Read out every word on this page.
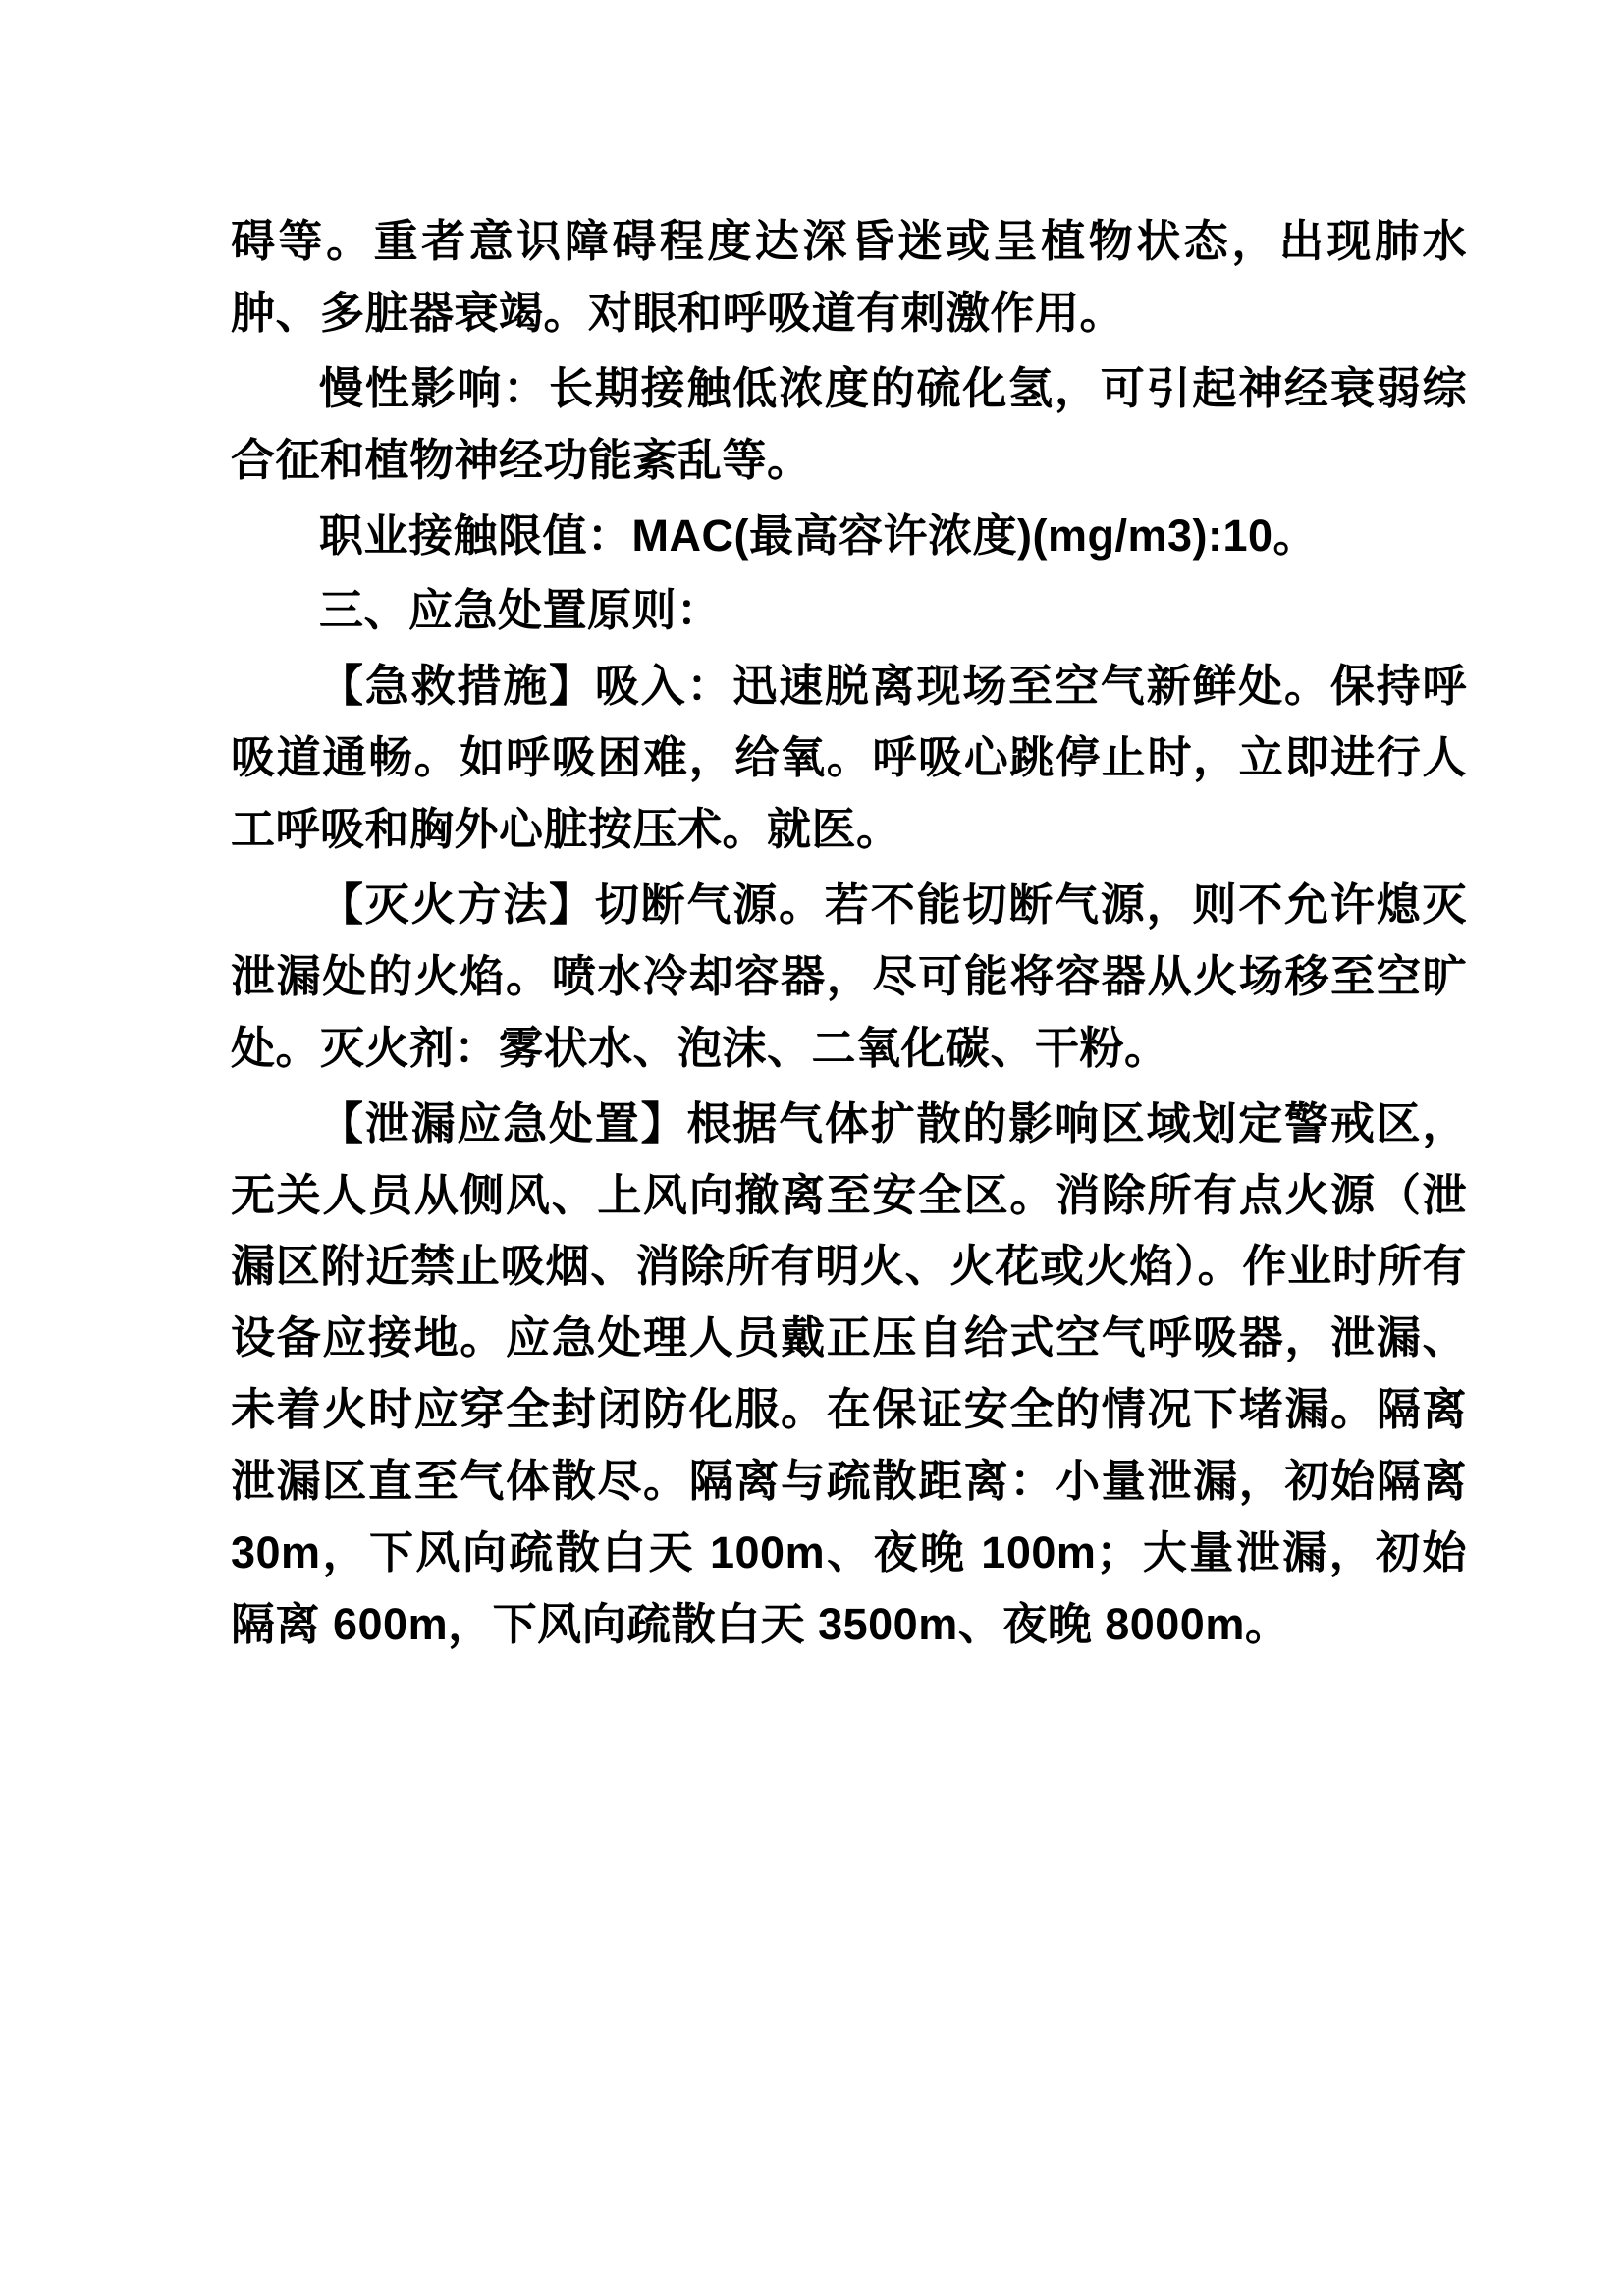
碍等。重者意识障碍程度达深昏迷或呈植物状态，出现肺水肿、多脏器衰竭。对眼和呼吸道有刺激作用。

慢性影响：长期接触低浓度的硫化氢，可引起神经衰弱综合征和植物神经功能紊乱等。

职业接触限值：MAC(最高容许浓度)(mg/m3):10。

三、应急处置原则：

【急救措施】吸入：迅速脱离现场至空气新鲜处。保持呼吸道通畅。如呼吸困难，给氧。呼吸心跳停止时，立即进行人工呼吸和胸外心脏按压术。就医。

【灭火方法】切断气源。若不能切断气源，则不允许熄灭泄漏处的火焰。喷水冷却容器，尽可能将容器从火场移至空旷处。灭火剂：雾状水、泡沫、二氧化碳、干粉。

【泄漏应急处置】根据气体扩散的影响区域划定警戒区，无关人员从侧风、上风向撤离至安全区。消除所有点火源（泄漏区附近禁止吸烟、消除所有明火、火花或火焰）。作业时所有设备应接地。应急处理人员戴正压自给式空气呼吸器，泄漏、未着火时应穿全封闭防化服。在保证安全的情况下堵漏。隔离泄漏区直至气体散尽。隔离与疏散距离：小量泄漏，初始隔离 30m，下风向疏散白天 100m、夜晚 100m；大量泄漏，初始隔离 600m，下风向疏散白天 3500m、夜晚 8000m。
